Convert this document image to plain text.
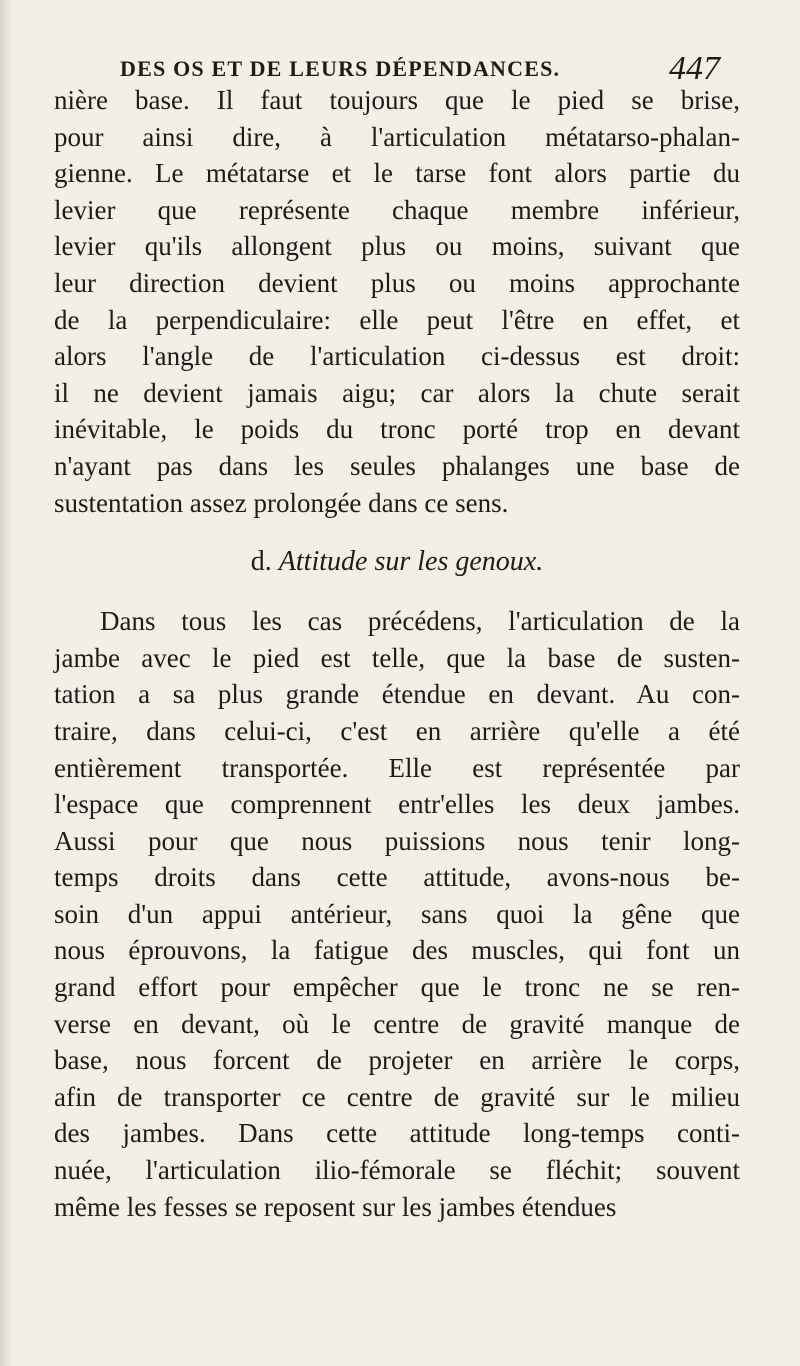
DES OS ET DE LEURS DÉPENDANCES.	447
nière base. Il faut toujours que le pied se brise,
pour ainsi dire, à l'articulation métatarso-phalan-
gienne. Le métatarse et le tarse font alors partie du
levier que représente chaque membre inférieur,
levier qu'ils allongent plus ou moins, suivant que
leur direction devient plus ou moins approchante
de la perpendiculaire: elle peut l'être en effet, et
alors l'angle de l'articulation ci-dessus est droit:
il ne devient jamais aigu; car alors la chute serait
inévitable, le poids du tronc porté trop en devant
n'ayant pas dans les seules phalanges une base de
sustentation assez prolongée dans ce sens.
d. Attitude sur les genoux.
Dans tous les cas précédens, l'articulation de la
jambe avec le pied est telle, que la base de susten-
tation a sa plus grande étendue en devant. Au con-
traire, dans celui-ci, c'est en arrière qu'elle a été
entièrement transportée. Elle est représentée par
l'espace que comprennent entr'elles les deux jambes.
Aussi pour que nous puissions nous tenir long-
temps droits dans cette attitude, avons-nous be-
soin d'un appui antérieur, sans quoi la gêne que
nous éprouvons, la fatigue des muscles, qui font un
grand effort pour empêcher que le tronc ne se ren-
verse en devant, où le centre de gravité manque de
base, nous forcent de projeter en arrière le corps,
afin de transporter ce centre de gravité sur le milieu
des jambes. Dans cette attitude long-temps conti-
nuée, l'articulation ilio-fémorale se fléchit; souvent
même les fesses se reposent sur les jambes étendues
